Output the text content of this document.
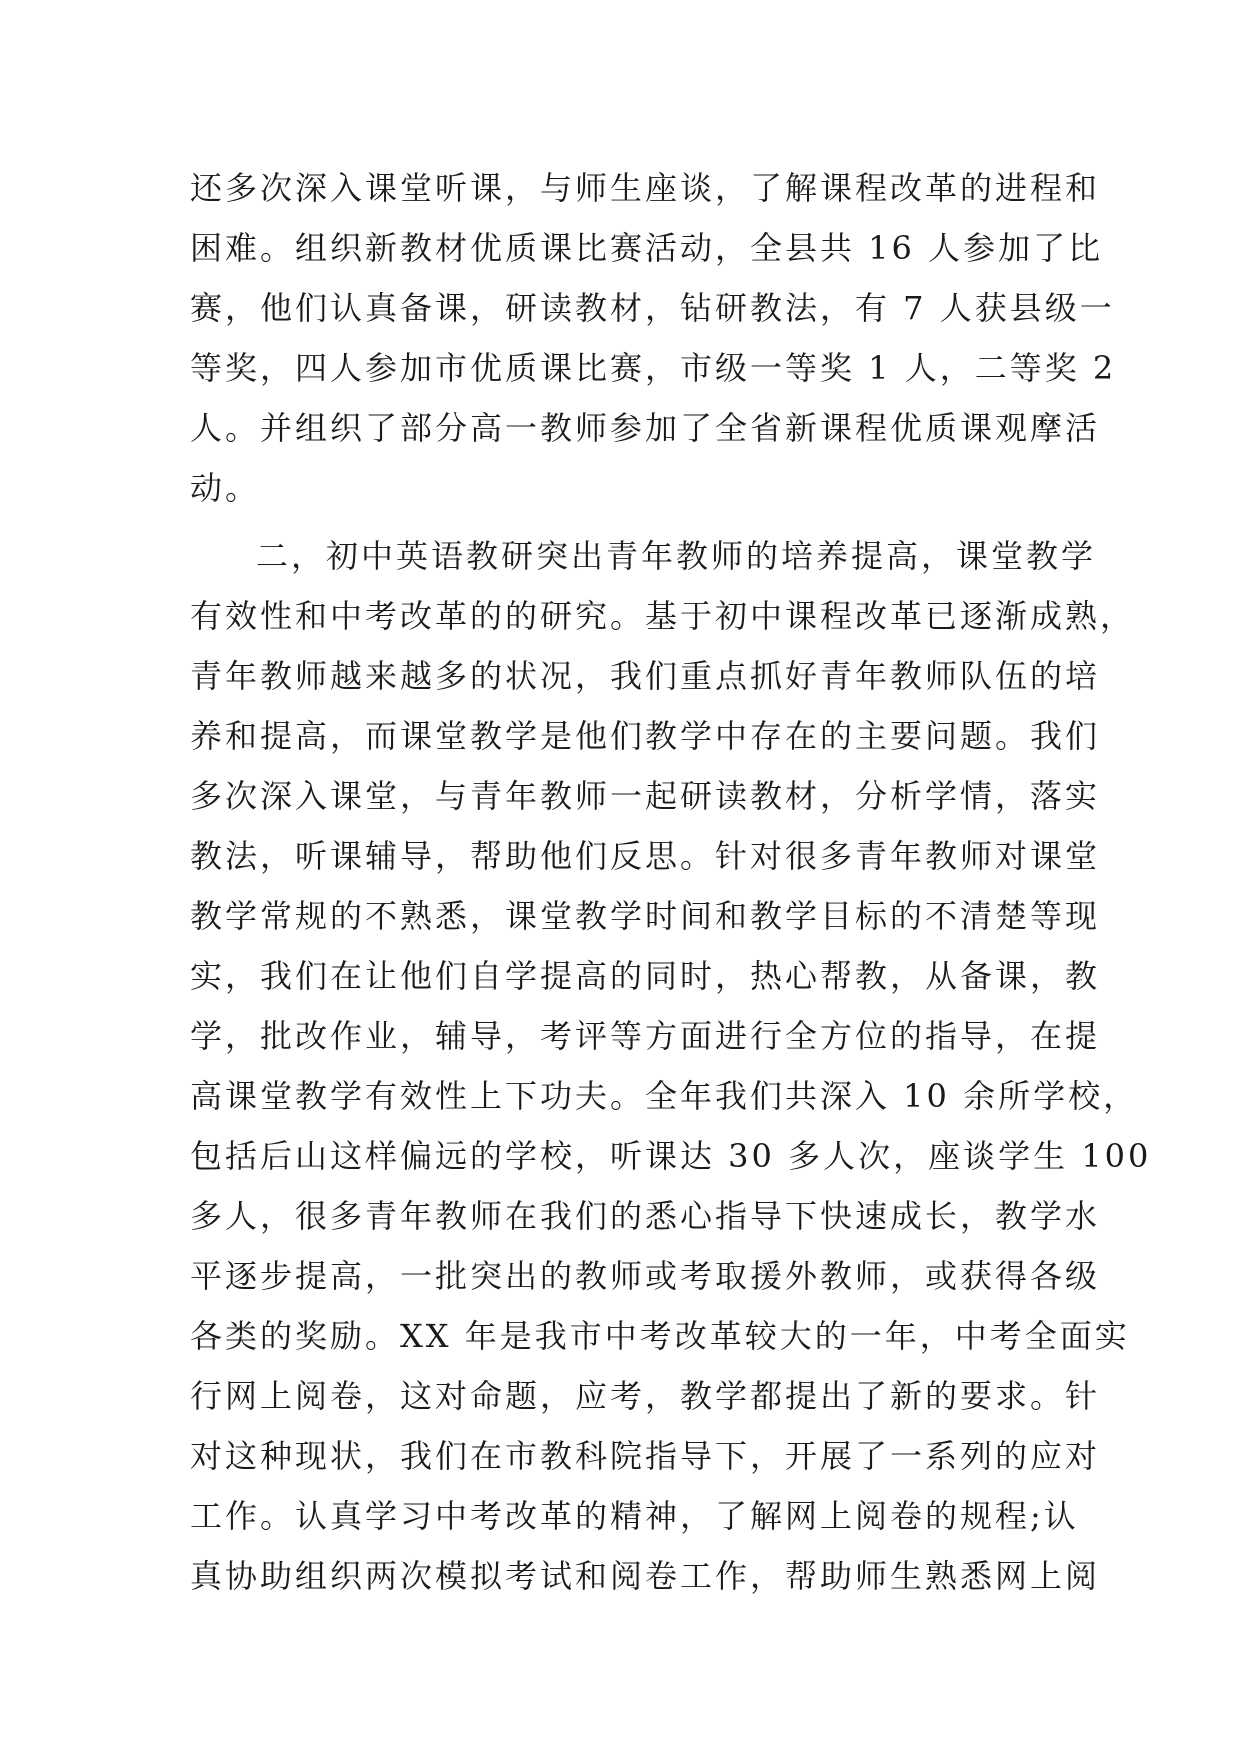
还多次深入课堂听课，与师生座谈，了解课程改革的进程和
困难。组织新教材优质课比赛活动，全县共 16 人参加了比
赛，他们认真备课，研读教材，钻研教法，有 7 人获县级一
等奖，四人参加市优质课比赛，市级一等奖 1 人，二等奖 2
人。并组织了部分高一教师参加了全省新课程优质课观摩活
动。
二，初中英语教研突出青年教师的培养提高，课堂教学
有效性和中考改革的的研究。基于初中课程改革已逐渐成熟，
青年教师越来越多的状况，我们重点抓好青年教师队伍的培
养和提高，而课堂教学是他们教学中存在的主要问题。我们
多次深入课堂，与青年教师一起研读教材，分析学情，落实
教法，听课辅导，帮助他们反思。针对很多青年教师对课堂
教学常规的不熟悉，课堂教学时间和教学目标的不清楚等现
实，我们在让他们自学提高的同时，热心帮教，从备课，教
学，批改作业，辅导，考评等方面进行全方位的指导，在提
高课堂教学有效性上下功夫。全年我们共深入 10 余所学校，
包括后山这样偏远的学校，听课达 30 多人次，座谈学生 100
多人，很多青年教师在我们的悉心指导下快速成长，教学水
平逐步提高，一批突出的教师或考取援外教师，或获得各级
各类的奖励。XX 年是我市中考改革较大的一年，中考全面实
行网上阅卷，这对命题，应考，教学都提出了新的要求。针
对这种现状，我们在市教科院指导下，开展了一系列的应对
工作。认真学习中考改革的精神，了解网上阅卷的规程;认
真协助组织两次模拟考试和阅卷工作，帮助师生熟悉网上阅
